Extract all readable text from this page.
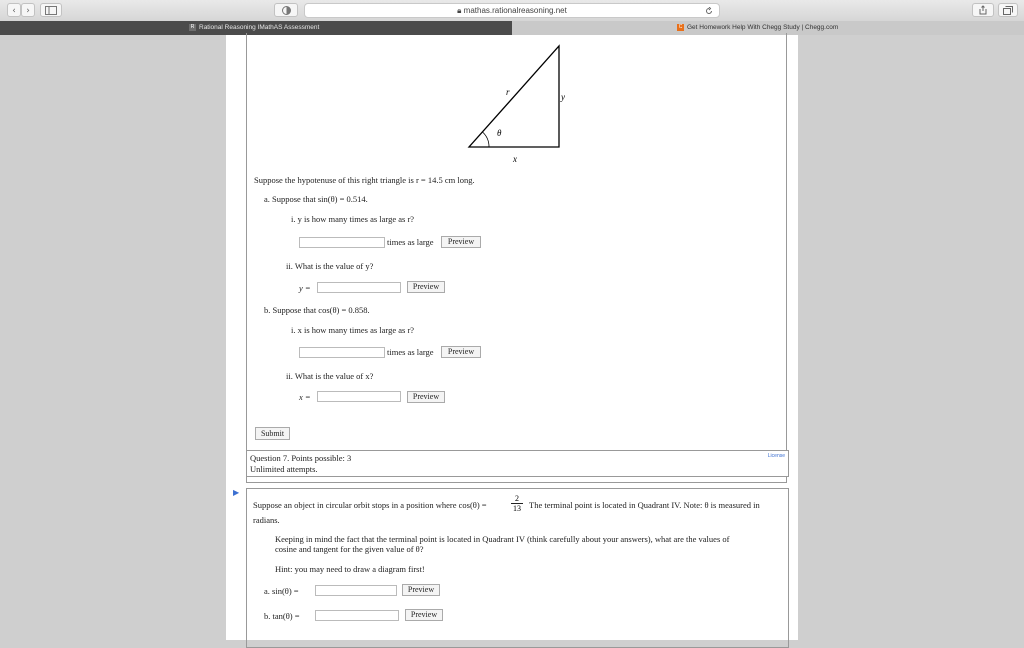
‹	›	🔒︎ mathas.rationalreasoning.net
R Rational Reasoning IMathAS Assessment	C Get Homework Help With Chegg Study | Chegg.com
r	y
x
θ
Suppose the hypotenuse of this right triangle is r = 14.5 cm long.
a. Suppose that sin(θ) = 0.514.
i. y is how many times as large as r?
times as large	Preview
ii. What is the value of y?
y =	Preview
b. Suppose that cos(θ) = 0.858.
i. x is how many times as large as r?
times as large	Preview
ii. What is the value of x?
x =	Preview
Submit
Question 7. Points possible: 3
Unlimited attempts.
License
▶
Suppose an object in circular orbit stops in a position where cos(θ) =	$\frac{2}{13}$ The terminal point is located in Quadrant IV. Note: θ is measured in
radians.
Keeping in mind the fact that the terminal point is located in Quadrant IV (think carefully about your answers), what are the values of
cosine and tangent for the given value of θ?
Hint: you may need to draw a diagram first!
a. sin(θ) =	Preview
b. tan(θ) =	Preview
